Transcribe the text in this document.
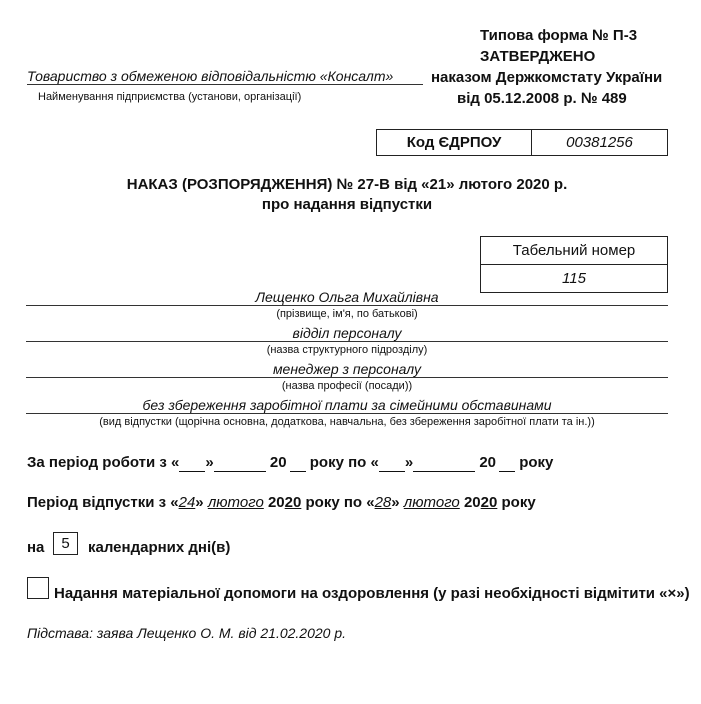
Типова форма № П-3
ЗАТВЕРДЖЕНО
наказом Держкомстату України
від 05.12.2008 р. № 489
Товариство з обмеженою відповідальністю «Консалт»
Найменування підприємства (установи, організації)
Код ЄДРПОУ	00381256
НАКАЗ (РОЗПОРЯДЖЕННЯ) № 27-В від «21» лютого 2020 р.
про надання відпустки
Табельний номер
115
Лещенко Ольга Михайлівна
(прізвище, ім'я, по батькові)
відділ персоналу
(назва структурного підрозділу)
менеджер з персоналу
(назва професії (посади))
без збереження заробітної плати за сімейними обставинами
(вид відпустки (щорічна основна, додаткова, навчальна, без збереження заробітної плати та ін.))
За період роботи з « »	20  року по « »	20  року
Період відпустки з «24» лютого 2020 року по «28» лютого 2020 року
на	5	календарних дні(в)
Надання матеріальної допомоги на оздоровлення (у разі необхідності відмітити «×»)
Підстава: заява Лещенко О. М. від 21.02.2020 р.
